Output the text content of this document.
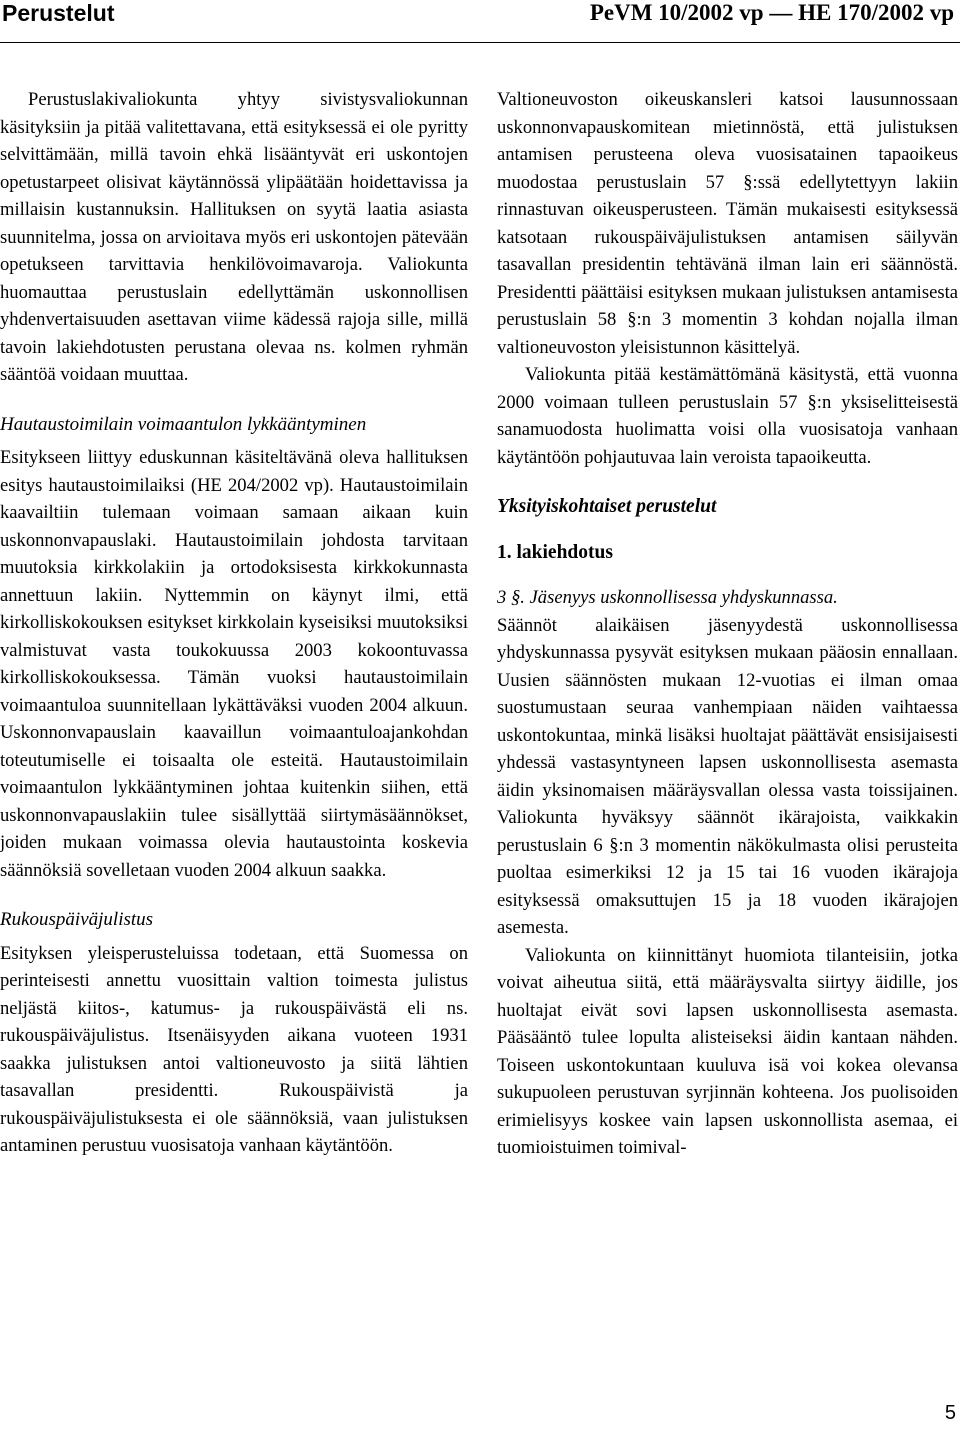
Perustelut	PeVM 10/2002 vp — HE 170/2002 vp

Perustuslakivaliokunta yhtyy sivistysvaliokunnan käsityksiin ja pitää valitettavana, että esityksessä ei ole pyritty selvittämään, millä tavoin ehkä lisääntyvät eri uskontojen opetustarpeet olisivat käytännössä ylipäätään hoidettavissa ja millaisin kustannuksin. Hallituksen on syytä laatia asiasta suunnitelma, jossa on arvioitava myös eri uskontojen pätevään opetukseen tarvittavia henkilövoimavaroja. Valiokunta huomauttaa perustuslain edellyttämän uskonnollisen yhdenvertaisuuden asettavan viime kädessä rajoja sille, millä tavoin lakiehdotusten perustana olevaa ns. kolmen ryhmän sääntöä voidaan muuttaa.

Hautaustoimilain voimaantulon lykkääntyminen

Esitykseen liittyy eduskunnan käsiteltävänä oleva hallituksen esitys hautaustoimilaiksi (HE 204/2002 vp). Hautaustoimilain kaavailtiin tulemaan voimaan samaan aikaan kuin uskonnonvapauslaki. Hautaustoimilain johdosta tarvitaan muutoksia kirkkolakiin ja ortodoksisesta kirkkokunnasta annettuun lakiin. Nyttemmin on käynyt ilmi, että kirkolliskokouksen esitykset kirkkolain kyseisiksi muutoksiksi valmistuvat vasta toukokuussa 2003 kokoontuvassa kirkolliskokouksessa. Tämän vuoksi hautaustoimilain voimaantuloa suunnitellaan lykättäväksi vuoden 2004 alkuun. Uskonnonvapauslain kaavaillun voimaantuloajankohdan toteutumiselle ei toisaalta ole esteitä. Hautaustoimilain voimaantulon lykkääntyminen johtaa kuitenkin siihen, että uskonnonvapauslakiin tulee sisällyttää siirtymäsäännökset, joiden mukaan voimassa olevia hautaustointa koskevia säännöksiä sovelletaan vuoden 2004 alkuun saakka.

Rukouspäiväjulistus

Esityksen yleisperusteluissa todetaan, että Suomessa on perinteisesti annettu vuosittain valtion toimesta julistus neljästä kiitos-, katumus- ja rukouspäivästä eli ns. rukouspäiväjulistus. Itsenäisyyden aikana vuoteen 1931 saakka julistuksen antoi valtioneuvosto ja siitä lähtien tasavallan presidentti. Rukouspäivistä ja rukouspäiväjulistuksesta ei ole säännöksiä, vaan julistuksen antaminen perustuu vuosisatoja vanhaan käytäntöön.

Valtioneuvoston oikeuskansleri katsoi lausunnossaan uskonnonvapauskomitean mietinnöstä, että julistuksen antamisen perusteena oleva vuosisatainen tapaoikeus muodostaa perustuslain 57 §:ssä edellytettyyn lakiin rinnastuvan oikeusperusteen. Tämän mukaisesti esityksessä katsotaan rukouspäiväjulistuksen antamisen säilyvän tasavallan presidentin tehtävänä ilman lain eri säännöstä. Presidentti päättäisi esityksen mukaan julistuksen antamisesta perustuslain 58 §:n 3 momentin 3 kohdan nojalla ilman valtioneuvoston yleisistunnon käsittelyä.

Valiokunta pitää kestämättömänä käsitystä, että vuonna 2000 voimaan tulleen perustuslain 57 §:n yksiselitteisestä sanamuodosta huolimatta voisi olla vuosisatoja vanhaan käytäntöön pohjautuvaa lain veroista tapaoikeutta.

Yksityiskohtaiset perustelut
1. lakiehdotus
3 §. Jäsenyys uskonnollisessa yhdyskunnassa.

Säännöt alaikäisen jäsenyydestä uskonnollisessa yhdyskunnassa pysyvät esityksen mukaan pääosin ennallaan. Uusien säännösten mukaan 12-vuotias ei ilman omaa suostumustaan seuraa vanhempiaan näiden vaihtaessa uskontokuntaa, minkä lisäksi huoltajat päättävät ensisijaisesti yhdessä vastasyntyneen lapsen uskonnollisesta asemasta äidin yksinomaisen määräysvallan olessa vasta toissijainen. Valiokunta hyväksyy säännöt ikärajoista, vaikkakin perustuslain 6 §:n 3 momentin näkökulmasta olisi perusteita puoltaa esimerkiksi 12 ja 15 tai 16 vuoden ikärajoja esityksessä omaksuttujen 15 ja 18 vuoden ikärajojen asemesta.

Valiokunta on kiinnittänyt huomiota tilanteisiin, jotka voivat aiheutua siitä, että määräysvalta siirtyy äidille, jos huoltajat eivät sovi lapsen uskonnollisesta asemasta. Pääsääntö tulee lopulta alisteiseksi äidin kantaan nähden. Toiseen uskontokuntaan kuuluva isä voi kokea olevansa sukupuoleen perustuvan syrjinnän kohteena. Jos puolisoiden erimielisyys koskee vain lapsen uskonnollista asemaa, ei tuomioistuimen toimival-

5
